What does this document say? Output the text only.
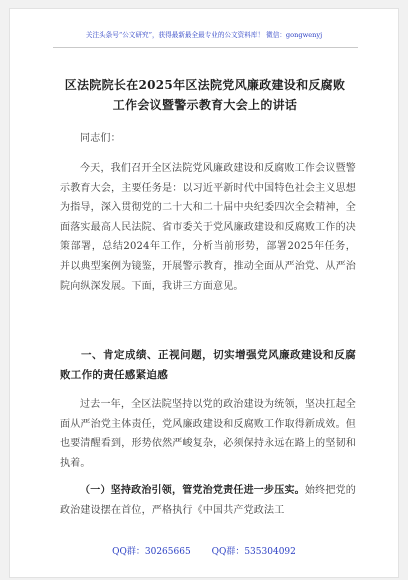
关注头条号“公文研究”，获得最新最全最专业的公文资料库！ 微信：gongwenyj
区法院院长在2025年区法院党风廉政建设和反腐败工作会议暨警示教育大会上的讲话
同志们：
今天，我们召开全区法院党风廉政建设和反腐败工作会议暨警示教育大会，主要任务是：以习近平新时代中国特色社会主义思想为指导，深入贯彻党的二十大和二十届中央纪委四次全会精神，全面落实最高人民法院、省市委关于党风廉政建设和反腐败工作的决策部署，总结2024年工作，分析当前形势，部署2025年任务，并以典型案例为镜鉴，开展警示教育，推动全面从严治党、从严治院向纵深发展。下面，我讲三方面意见。
一、肯定成绩、正视问题，切实增强党风廉政建设和反腐败工作的责任感紧迫感
过去一年，全区法院坚持以党的政治建设为统领，坚决扛起全面从严治党主体责任，党风廉政建设和反腐败工作取得新成效。但也要清醒看到，形势依然严峻复杂，必须保持永远在路上的坚韧和执着。
（一）坚持政治引领，管党治党责任进一步压实。始终把党的政治建设摆在首位，严格执行《中国共产党政法工
QQ群：30265665 QQ群：535304092
